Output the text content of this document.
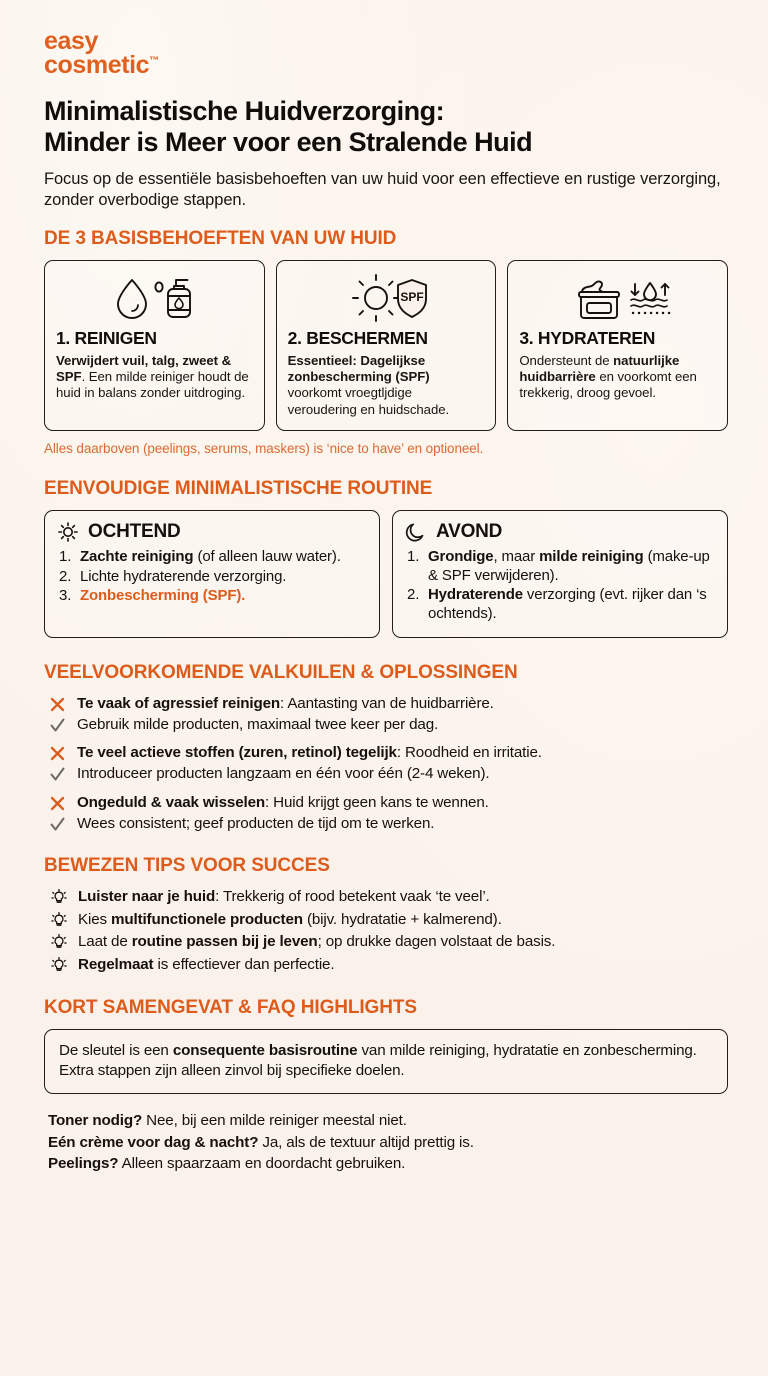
easy
cosmetic™
Minimalistische Huidverzorging:
Minder is Meer voor een Stralende Huid

Focus op de essentiële basisbehoeften van uw huid voor een effectieve en rustige verzorging, zonder overbodige stappen.

DE 3 BASISBEHOEFTEN VAN UW HUID
1. REINIGEN
Verwijdert vuil, talg, zweet & SPF. Een milde reiniger houdt de huid in balans zonder uitdroging.
SPF
2. BESCHERMEN
Essentieel: Dagelijkse zonbescherming (SPF) voorkomt vroegtljdige veroudering en huidschade.
3. HYDRATEREN
Ondersteunt de natuurlijke huidbarrière en voorkomt een trekkerig, droog gevoel.

Alles daarboven (peelings, serums, maskers) is ‘nice to have’ en optioneel.

EENVOUDIGE MINIMALISTISCHE ROUTINE
OCHTEND
Zachte reiniging (of alleen lauw water).
Lichte hydraterende verzorging.
Zonbescherming (SPF).
AVOND
Grondige, maar milde reiniging (make-up & SPF verwijderen).
Hydraterende verzorging (evt. rijker dan ‘s ochtends).
VEELVOORKOMENDE VALKUILEN & OPLOSSINGEN
Te vaak of agressief reinigen: Aantasting van de huidbarrière.
Gebruik milde producten, maximaal twee keer per dag.
Te veel actieve stoffen (zuren, retinol) tegelijk: Roodheid en irritatie.
Introduceer producten langzaam en één voor één (2-4 weken).
Ongeduld & vaak wisselen: Huid krijgt geen kans te wennen.
Wees consistent; geef producten de tijd om te werken.
BEWEZEN TIPS VOOR SUCCES
Luister naar je huid: Trekkerig of rood betekent vaak ‘te veel’.
Kies multifunctionele producten (bijv. hydratatie + kalmerend).
Laat de routine passen bij je leven; op drukke dagen volstaat de basis.
Regelmaat is effectiever dan perfectie.
KORT SAMENGEVAT & FAQ HIGHLIGHTS
De sleutel is een consequente basisroutine van milde reiniging, hydratatie en zonbescherming. Extra stappen zijn alleen zinvol bij specifieke doelen.
Toner nodig? Nee, bij een milde reiniger meestal niet.
Eén crème voor dag & nacht? Ja, als de textuur altijd prettig is.
Peelings? Alleen spaarzaam en doordacht gebruiken.
